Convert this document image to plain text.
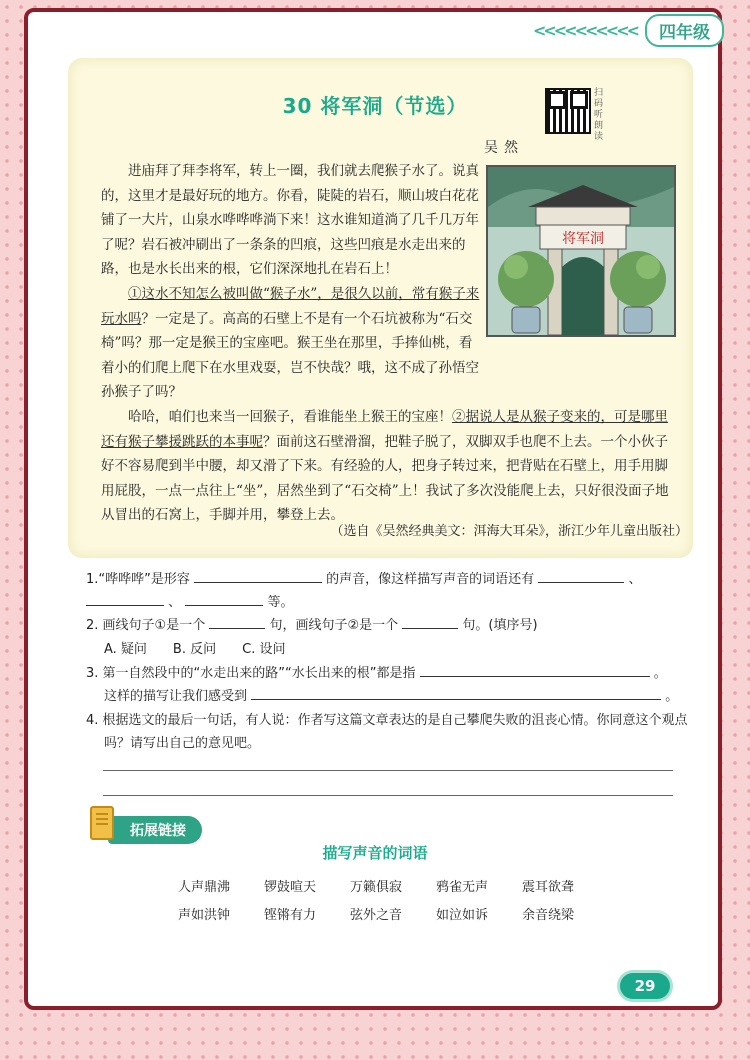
<<<<<<<<<<	四年级
30 将军洞（节选）
扫码听朗读
吴然
将军洞

进庙拜了拜李将军，转上一圈，我们就去爬猴子水了。说真的，这里才是最好玩的地方。你看，陡陡的岩石，顺山坡白花花铺了一大片，山泉水哗哗哗淌下来！这水谁知道淌了几千几万年了呢？岩石被冲刷出了一条条的凹痕，这些凹痕是水走出来的路，也是水长出来的根，它们深深地扎在岩石上！

①这水不知怎么被叫做“猴子水”，是很久以前，常有猴子来玩水吗？一定是了。高高的石壁上不是有一个石坑被称为“石交椅”吗？那一定是猴王的宝座吧。猴王坐在那里，手捧仙桃，看着小的们爬上爬下在水里戏耍，岂不快哉？哦，这不成了孙悟空孙猴子了吗？

哈哈，咱们也来当一回猴子，看谁能坐上猴王的宝座！②据说人是从猴子变来的，可是哪里还有猴子攀援跳跃的本事呢？面前这石壁滑溜，把鞋子脱了，双脚双手也爬不上去。一个小伙子好不容易爬到半中腰，却又滑了下来。有经验的人，把身子转过来，把背贴在石壁上，用手用脚用屁股，一点一点往上“坐”，居然坐到了“石交椅”上！我试了多次没能爬上去，只好很没面子地从冒出的石窝上，手脚并用，攀登上去。

（选自《吴然经典美文：洱海大耳朵》，浙江少年儿童出版社）
1.“哗哗哗”是形容	的声音，像这样描写声音的词语还有	、
、	等。
2. 画线句子①是一个	句，画线句子②是一个	句。(填序号)
A. 疑问　　B. 反问　　C. 设问
3. 第一自然段中的“水走出来的路”“水长出来的根”都是指	。
这样的描写让我们感受到	。
4. 根据选文的最后一句话，有人说：作者写这篇文章表达的是自己攀爬失败的沮丧心情。你同意这个观点
吗？请写出自己的意见吧。
拓展链接
描写声音的词语
人声鼎沸	锣鼓喧天	万籁俱寂	鸦雀无声	震耳欲聋
声如洪钟	铿锵有力	弦外之音	如泣如诉	余音绕梁
29
